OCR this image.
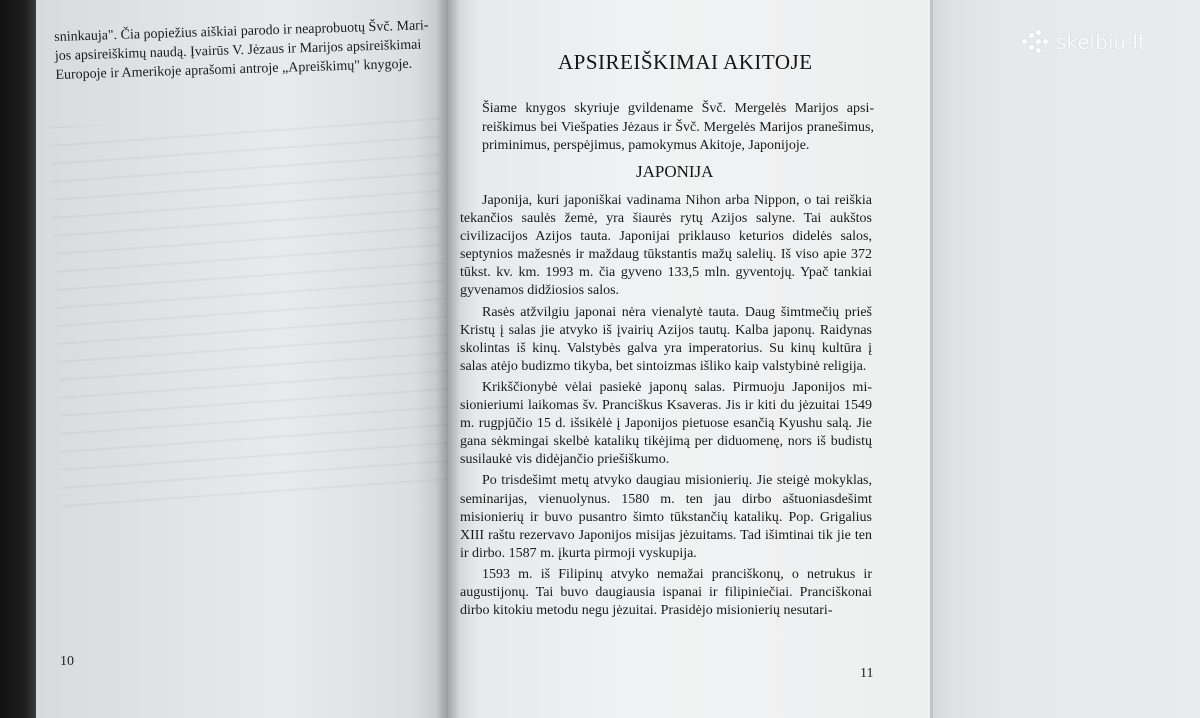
sninkauja". Čia popiežius aiškiai parodo ir neaprobuotų Švč. Mari-
jos apsireiškimų naudą. Įvairūs V. Jėzaus ir Marijos apsireiškimai
Europoje ir Amerikoje aprašomi antroje „Apreiškimų" knygoje.
10
APSIREIŠKIMAI AKITOJE

Šiame knygos skyriuje gvildename Švč. Mergelės Marijos apsireiškimus bei Viešpaties Jėzaus ir Švč. Mergelės Marijos pranešimus, priminimus, perspėjimus, pamokymus Akitoje, Japonijoje.

JAPONIJA

Japonija, kuri japoniškai vadinama Nihon arba Nippon, o tai reiškia tekančios saulės žemė, yra šiaurės rytų Azijos salyne. Tai aukštos civilizacijos Azijos tauta. Japonijai priklauso keturios didelės salos, septynios mažesnės ir maždaug tūkstantis mažų salelių. Iš viso apie 372 tūkst. kv. km. 1993 m. čia gyveno 133,5 mln. gyventojų. Ypač tankiai gyvenamos didžiosios salos.

Rasės atžvilgiu japonai nėra vienalytė tauta. Daug šimtmečių prieš Kristų į salas jie atvyko iš įvairių Azijos tautų. Kalba japonų. Raidynas skolintas iš kinų. Valstybės galva yra imperatorius. Su kinų kultūra į salas atėjo budizmo tikyba, bet sintoizmas išliko kaip valstybinė religija.

Krikščionybė vėlai pasiekė japonų salas. Pirmuoju Japonijos misionieriumi laikomas šv. Pranciškus Ksaveras. Jis ir kiti du jėzuitai 1549 m. rugpjūčio 15 d. išsikėlė į Japonijos pietuose esančią Kyushu salą. Jie gana sėkmingai skelbė katalikų tikėjimą per diduomenę, nors iš budistų susilaukė vis didėjančio priešiškumo.

Po trisdešimt metų atvyko daugiau misionierių. Jie steigė mokyklas, seminarijas, vienuolynus. 1580 m. ten jau dirbo aštuoniasdešimt misionierių ir buvo pusantro šimto tūkstančių katalikų. Pop. Grigalius XIII raštu rezervavo Japonijos misijas jėzuitams. Tad išimtinai tik jie ten ir dirbo. 1587 m. įkurta pirmoji vyskupija.

1593 m. iš Filipinų atvyko nemažai pranciškonų, o netrukus ir augustijonų. Tai buvo daugiausia ispanai ir filipiniečiai. Pranciškonai dirbo kitokiu metodu negu jėzuitai. Prasidėjo misionierių nesutari-

11
skelbiu.lt
